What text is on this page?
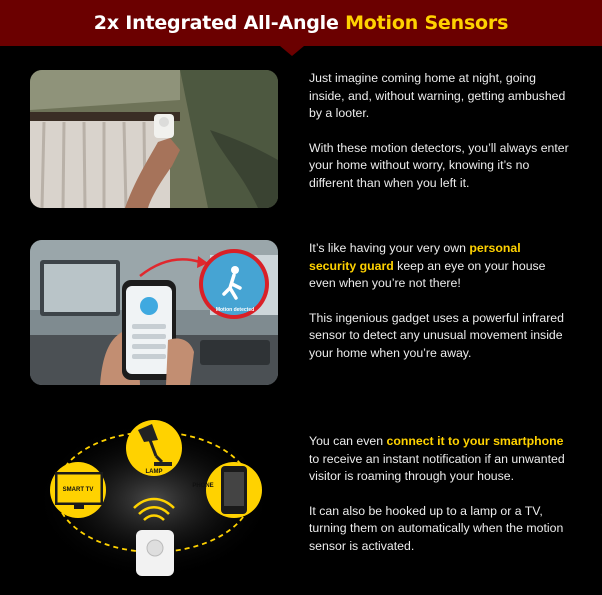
2x Integrated All-Angle Motion Sensors

Just imagine coming home at night, going inside, and, without warning, getting ambushed by a looter.

With these motion detectors, you’ll always enter your home without worry, knowing it’s no different than when you left it.

Motion detected

It’s like having your very own personal security guard keep an eye on your house even when you’re not there!

This ingenious gadget uses a powerful infrared sensor to detect any unusual movement inside your home when you’re away.

LAMP
SMART TV
PHONE

You can even connect it to your smartphone to receive an instant notification if an unwanted visitor is roaming through your house.

It can also be hooked up to a lamp or a TV, turning them on automatically when the motion sensor is activated.
